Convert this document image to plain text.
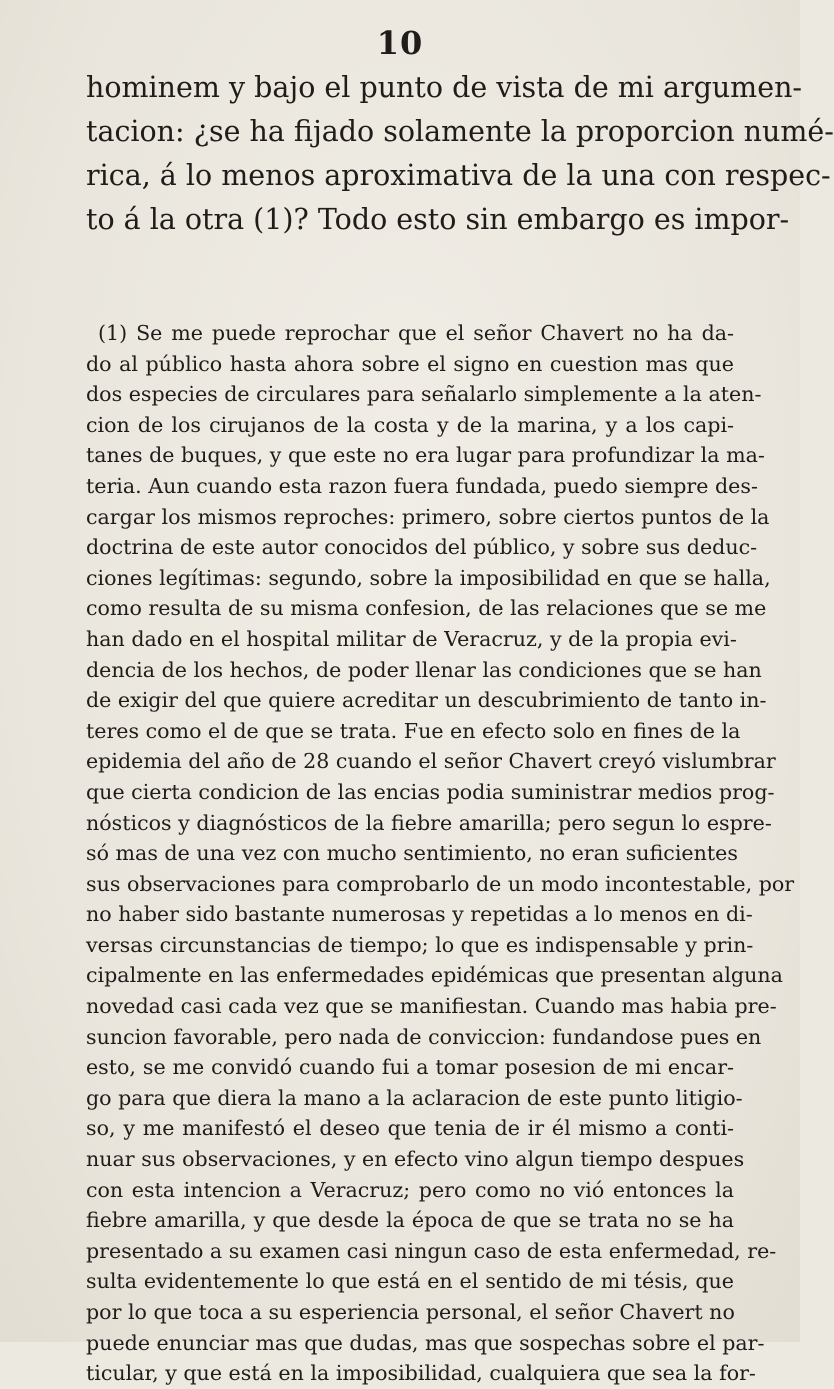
10
hominem y bajo el punto de vista de mi argumen-
tacion: ¿se ha fijado solamente la proporcion numé-
rica, á lo menos aproximativa de la una con respec-
to á la otra (1)? Todo esto sin embargo es impor-
(1) Se me puede reprochar que el señor Chavert no ha da-
do al público hasta ahora sobre el signo en cuestion mas que
dos especies de circulares para señalarlo simplemente a la aten-
cion de los cirujanos de la costa y de la marina, y a los capi-
tanes de buques, y que este no era lugar para profundizar la ma-
teria. Aun cuando esta razon fuera fundada, puedo siempre des-
cargar los mismos reproches: primero, sobre ciertos puntos de la
doctrina de este autor conocidos del público, y sobre sus deduc-
ciones legítimas: segundo, sobre la imposibilidad en que se halla,
como resulta de su misma confesion, de las relaciones que se me
han dado en el hospital militar de Veracruz, y de la propia evi-
dencia de los hechos, de poder llenar las condiciones que se han
de exigir del que quiere acreditar un descubrimiento de tanto in-
teres como el de que se trata. Fue en efecto solo en fines de la
epidemia del año de 28 cuando el señor Chavert creyó vislumbrar
que cierta condicion de las encias podia suministrar medios prog-
nósticos y diagnósticos de la fiebre amarilla; pero segun lo espre-
só mas de una vez con mucho sentimiento, no eran suficientes
sus observaciones para comprobarlo de un modo incontestable, por
no haber sido bastante numerosas y repetidas a lo menos en di-
versas circunstancias de tiempo; lo que es indispensable y prin-
cipalmente en las enfermedades epidémicas que presentan alguna
novedad casi cada vez que se manifiestan. Cuando mas habia pre-
suncion favorable, pero nada de conviccion: fundandose pues en
esto, se me convidó cuando fui a tomar posesion de mi encar-
go para que diera la mano a la aclaracion de este punto litigio-
so, y me manifestó el deseo que tenia de ir él mismo a conti-
nuar sus observaciones, y en efecto vino algun tiempo despues
con esta intencion a Veracruz; pero como no vió entonces la
fiebre amarilla, y que desde la época de que se trata no se ha
presentado a su examen casi ningun caso de esta enfermedad, re-
sulta evidentemente lo que está en el sentido de mi tésis, que
por lo que toca a su esperiencia personal, el señor Chavert no
puede enunciar mas que dudas, mas que sospechas sobre el par-
ticular, y que está en la imposibilidad, cualquiera que sea la for-
